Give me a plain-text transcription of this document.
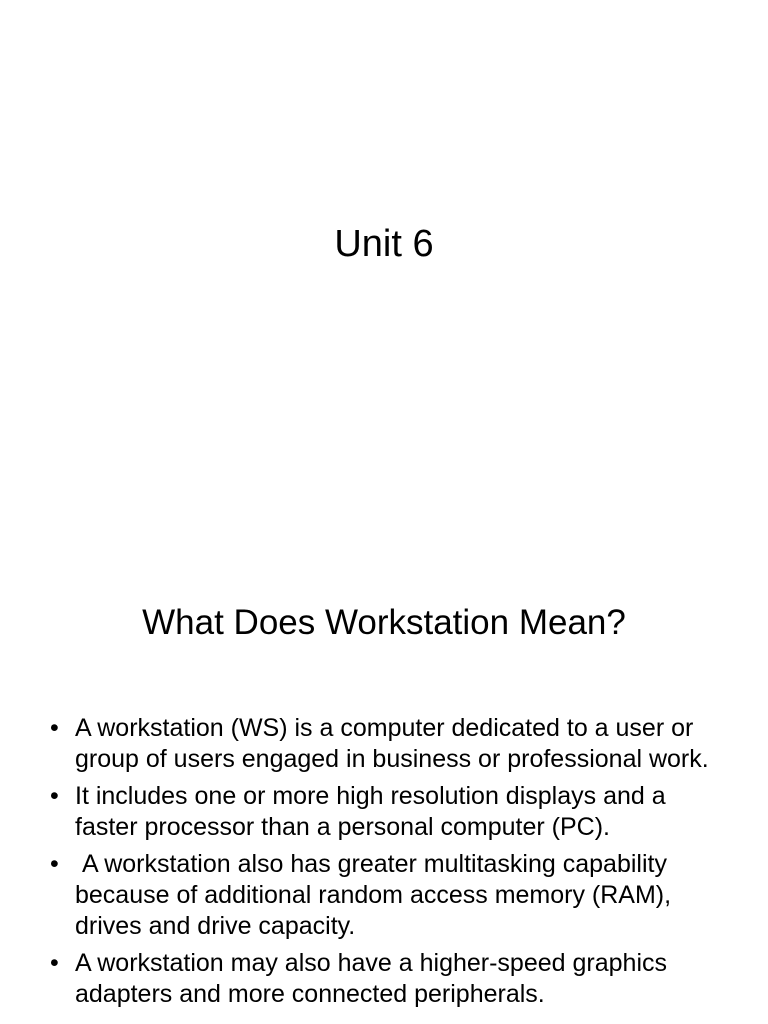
Unit 6
What Does Workstation Mean?
• A workstation (WS) is a computer dedicated to a user or group of users engaged in business or professional work.
• It includes one or more high resolution displays and a faster processor than a personal computer (PC).
• A workstation also has greater multitasking capability because of additional random access memory (RAM), drives and drive capacity.
• A workstation may also have a higher-speed graphics adapters and more connected peripherals.
